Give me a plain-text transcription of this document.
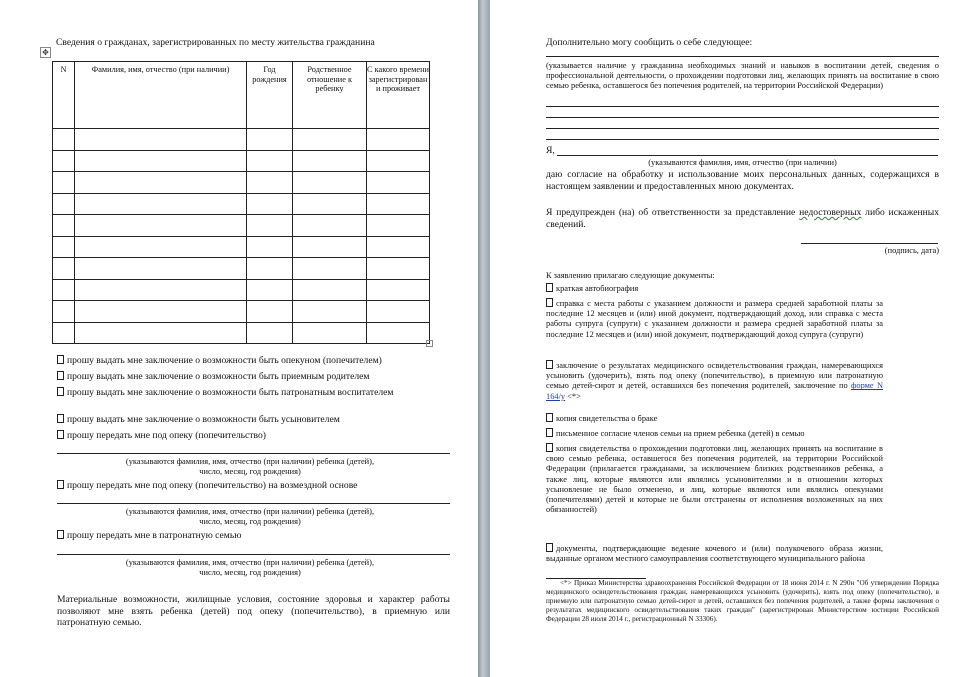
Сведения о гражданах, зарегистрированных по месту жительства гражданина
✥
N	Фамилия, имя, отчество (при наличии)	Год рождения	Родственное отношение к ребенку	С какого времени зарегистрирован и проживает

прошу выдать мне заключение о возможности быть опекуном (попечителем)
прошу выдать мне заключение о возможности быть приемным родителем
прошу выдать мне заключение о возможности быть патронатным воспитателем
прошу выдать мне заключение о возможности быть усыновителем
прошу передать мне под опеку (попечительство)
(указываются фамилия, имя, отчество (при наличии) ребенка (детей),
число, месяц, год рождения)
прошу передать мне под опеку (попечительство) на возмездной основе
(указываются фамилия, имя, отчество (при наличии) ребенка (детей),
число, месяц, год рождения)
прошу передать мне в патронатную семью
(указываются фамилия, имя, отчество (при наличии) ребенка (детей),
число, месяц, год рождения)
Материальные возможности, жилищные условия, состояние здоровья и характер работы позволяют мне взять ребенка (детей) под опеку (попечительство), в приемную или патронатную семью.
Дополнительно могу сообщить о себе следующее:
(указывается наличие у гражданина необходимых знаний и навыков в воспитании детей, сведения о профессиональной деятельности, о прохождении подготовки лиц, желающих принять на воспитание в свою семью ребенка, оставшегося без попечения родителей, на территории Российской Федерации)
Я,
(указываются фамилия, имя, отчество (при наличии)
даю согласие на обработку и использование моих персональных данных, содержащихся в настоящем заявлении и предоставленных мною документах.
Я предупрежден (на) об ответственности за представление недостоверных либо искаженных сведений.
(подпись, дата)
К заявлению прилагаю следующие документы:
краткая автобиография
справка с места работы с указанием должности и размера средней заработной платы за последние 12 месяцев и (или) иной документ, подтверждающий доход, или справка с места работы супруга (супруги) с указанием должности и размера средней заработной платы за последние 12 месяцев и (или) иной документ, подтверждающий доход супруга (супруги)
заключение о результатах медицинского освидетельствования граждан, намеревающихся усыновить (удочерить), взять под опеку (попечительство), в приемную или патронатную семью детей-сирот и детей, оставшихся без попечения родителей, заключение по форме N 164/у <*>
копия свидетельства о браке
письменное согласие членов семьи на прием ребенка (детей) в семью
копия свидетельства о прохождении подготовки лиц, желающих принять на воспитание в свою семью ребенка, оставшегося без попечения родителей, на территории Российской Федерации (прилагается гражданами, за исключением близких родственников ребенка, а также лиц, которые являются или являлись усыновителями и в отношении которых усыновление не было отменено, и лиц, которые являются или являлись опекунами (попечителями) детей и которые не были отстранены от исполнения возложенных на них обязанностей)
документы, подтверждающие ведение кочевого и (или) полукочевого образа жизни, выданные органом местного самоуправления соответствующего муниципального района
<*> Приказ Министерства здравоохранения Российской Федерации от 18 июня 2014 г. N 290н "Об утверждении Порядка медицинского освидетельствования граждан, намеревающихся усыновить (удочерить), взять под опеку (попечительство), в приемную или патронатную семью детей-сирот и детей, оставшихся без попечения родителей, а также формы заключения о результатах медицинского освидетельствования таких граждан" (зарегистрирован Министерством юстиции Российской Федерации 28 июля 2014 г., регистрационный N 33306).
